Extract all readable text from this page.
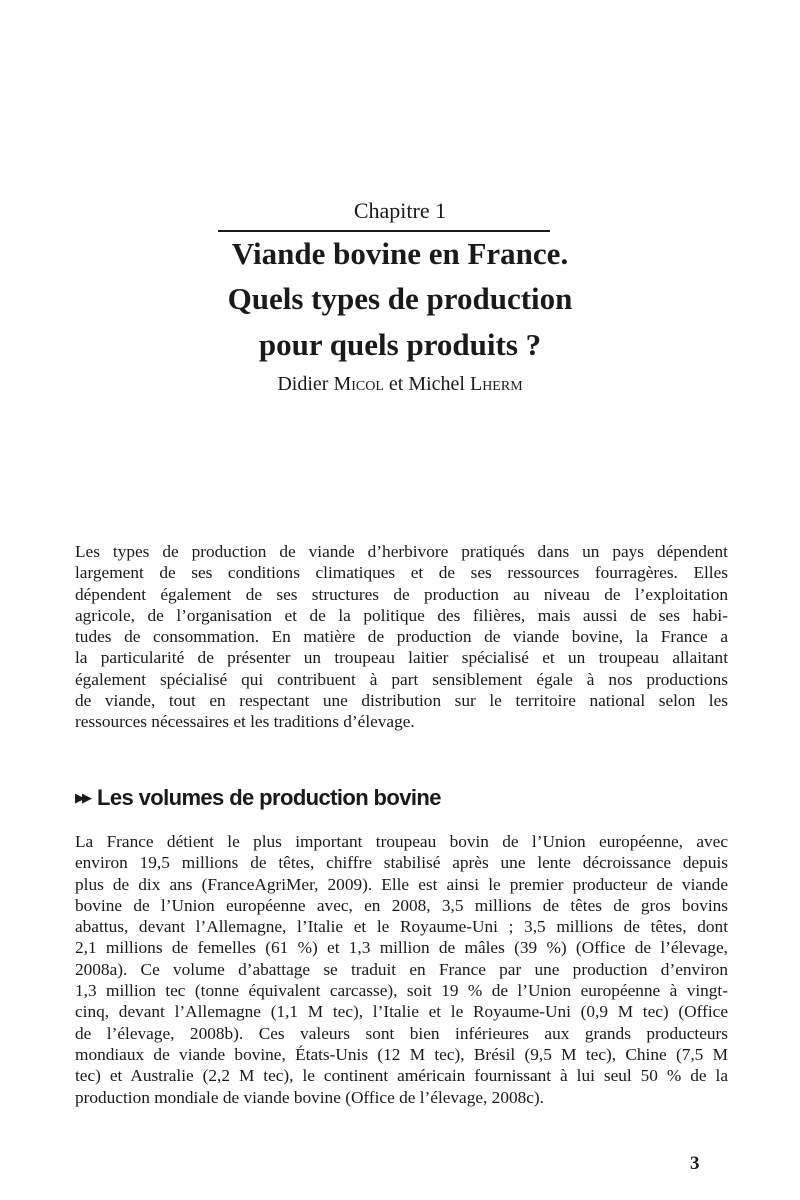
Chapitre 1
Viande bovine en France.
Quels types de production
pour quels produits ?
Didier Micol et Michel Lherm
Les types de production de viande d’herbivore pratiqués dans un pays dépendent
largement de ses conditions climatiques et de ses ressources fourragères. Elles
dépendent également de ses structures de production au niveau de l’exploitation
agricole, de l’organisation et de la politique des filières, mais aussi de ses habi-
tudes de consommation. En matière de production de viande bovine, la France a
la particularité de présenter un troupeau laitier spécialisé et un troupeau allaitant
également spécialisé qui contribuent à part sensiblement égale à nos productions
de viande, tout en respectant une distribution sur le territoire national selon les
ressources nécessaires et les traditions d’élevage.
▶▶ Les volumes de production bovine
La France détient le plus important troupeau bovin de l’Union européenne, avec
environ 19,5 millions de têtes, chiffre stabilisé après une lente décroissance depuis
plus de dix ans (FranceAgriMer, 2009). Elle est ainsi le premier producteur de viande
bovine de l’Union européenne avec, en 2008, 3,5 millions de têtes de gros bovins
abattus, devant l’Allemagne, l’Italie et le Royaume-Uni ; 3,5 millions de têtes, dont
2,1 millions de femelles (61 %) et 1,3 million de mâles (39 %) (Office de l’élevage,
2008a). Ce volume d’abattage se traduit en France par une production d’environ
1,3 million tec (tonne équivalent carcasse), soit 19 % de l’Union européenne à vingt-
cinq, devant l’Allemagne (1,1 M tec), l’Italie et le Royaume-Uni (0,9 M tec) (Office
de l’élevage, 2008b). Ces valeurs sont bien inférieures aux grands producteurs
mondiaux de viande bovine, États-Unis (12 M tec), Brésil (9,5 M tec), Chine (7,5 M
tec) et Australie (2,2 M tec), le continent américain fournissant à lui seul 50 % de la
production mondiale de viande bovine (Office de l’élevage, 2008c).
3
